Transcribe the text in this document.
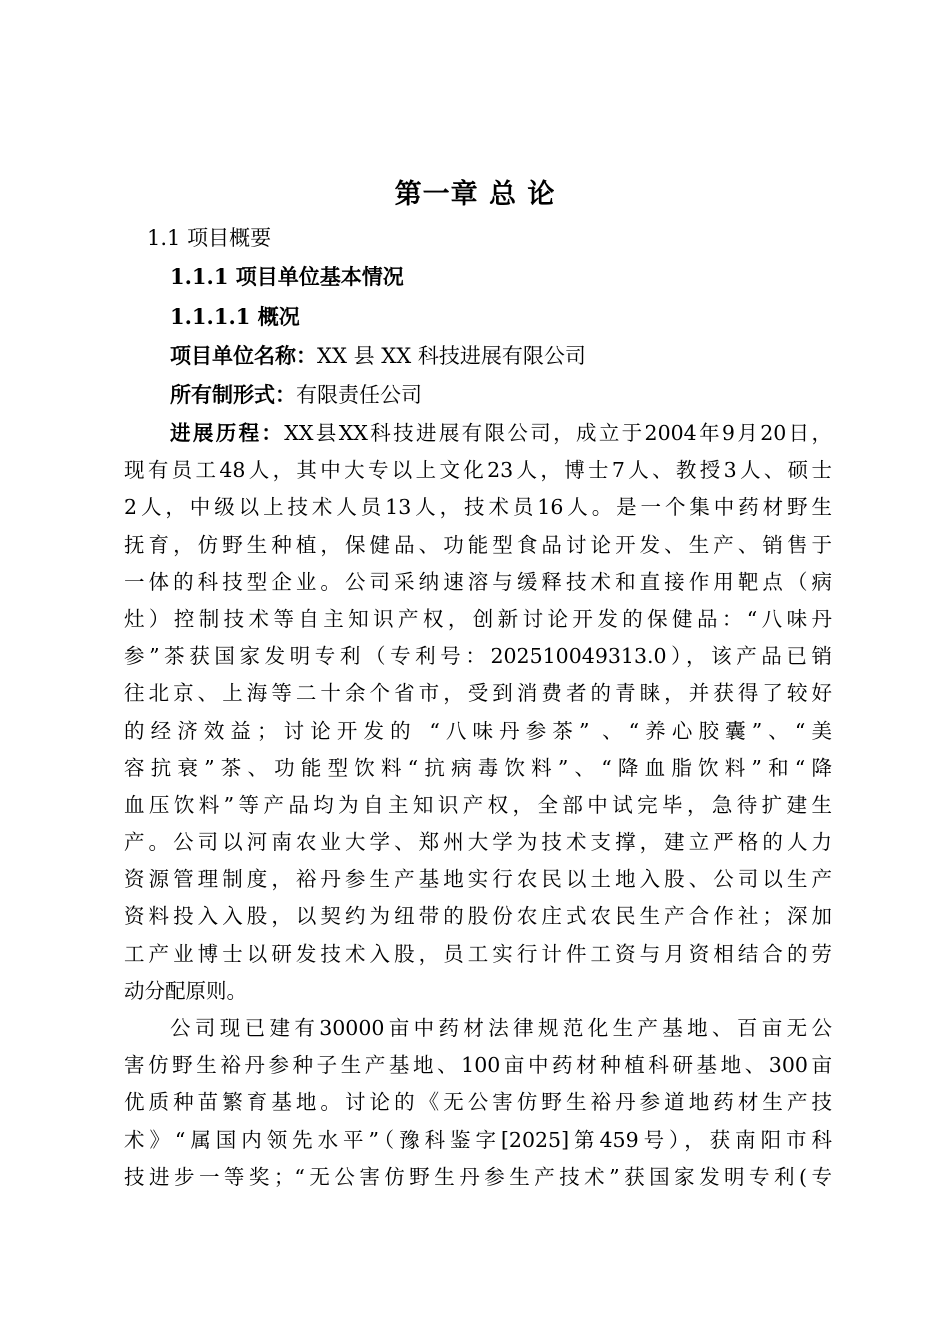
第一章 总 论
1.1 项目概要
1.1.1 项目单位基本情况
1.1.1.1 概况
项目单位名称：XX 县 XX 科技进展有限公司
所有制形式：有限责任公司
进展历程：XX县XX科技进展有限公司，成立于2004年9月20日，
现有员工48人，其中大专以上文化23人，博士7人、教授3人、硕士
2人，中级以上技术人员13人，技术员16人。是一个集中药材野生
抚育，仿野生种植，保健品、功能型食品讨论开发、生产、销售于
一体的科技型企业。公司采纳速溶与缓释技术和直接作用靶点（病
灶）控制技术等自主知识产权，创新讨论开发的保健品：“八味丹
参”茶获国家发明专利（专利号：202510049313.0），该产品已销
往北京、上海等二十余个省市，受到消费者的青睐，并获得了较好
的经济效益；讨论开发的 “八味丹参茶” 、“养心胶囊”、“美
容抗衰”茶、功能型饮料“抗病毒饮料”、“降血脂饮料”和“降
血压饮料”等产品均为自主知识产权，全部中试完毕，急待扩建生
产。公司以河南农业大学、郑州大学为技术支撑，建立严格的人力
资源管理制度，裕丹参生产基地实行农民以土地入股、公司以生产
资料投入入股，以契约为纽带的股份农庄式农民生产合作社；深加
工产业博士以研发技术入股，员工实行计件工资与月资相结合的劳
动分配原则。
公司现已建有30000亩中药材法律规范化生产基地、百亩无公
害仿野生裕丹参种子生产基地、100亩中药材种植科研基地、300亩
优质种苗繁育基地。讨论的《无公害仿野生裕丹参道地药材生产技
术》“属国内领先水平”（豫科鉴字[2025]第459号），获南阳市科
技进步一等奖；“无公害仿野生丹参生产技术”获国家发明专利(专
